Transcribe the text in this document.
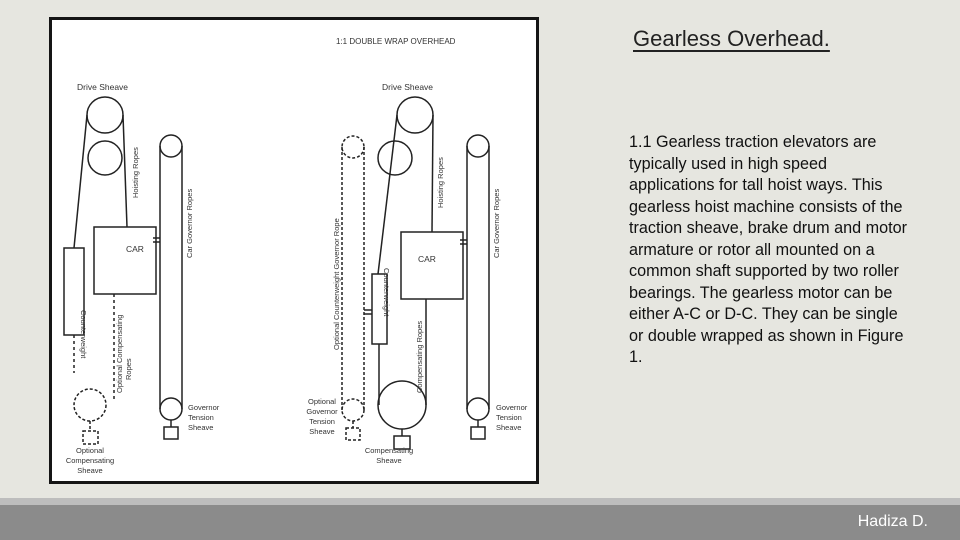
1:1 DOUBLE WRAP OVERHEAD
Drive Sheave
CAR
Hoisting Ropes
Counterweight	Optional Compensating Ropes
Car Governor Ropes
Governor
Tension
Sheave
Optional
Compensating
Sheave
Drive Sheave
CAR
Hoisting Ropes
Optional Counterweight Governor Rope	Counterweight
Compensating Ropes
Car Governor Ropes
Optional
Governor
Tension
Sheave
Compensating
Sheave
Governor
Tension
Sheave
Gearless Overhead.

1.1 Gearless traction elevators are typically used in high speed applications for tall hoist ways. This gearless hoist machine consists of the traction sheave, brake drum and motor armature or rotor all mounted on a common shaft supported by two roller bearings. The gearless motor can be either A-C or D-C. They can be single or double wrapped as shown in Figure 1.

Hadiza D.
